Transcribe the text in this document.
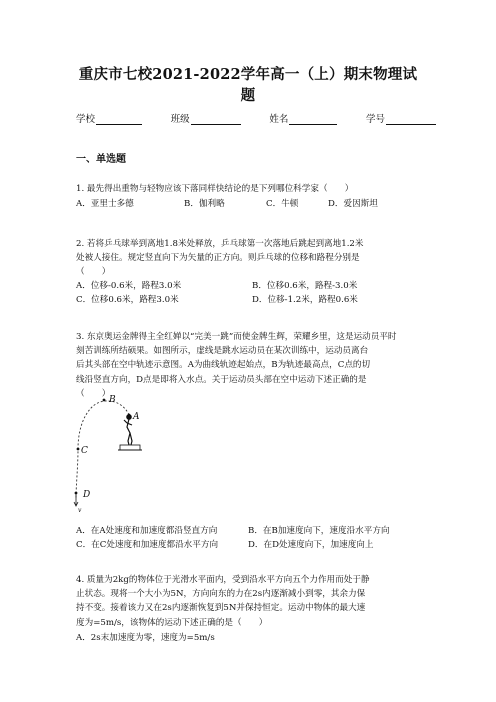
重庆市七校2021-2022学年高一（上）期末物理试
题
学校	班级	姓名	学号
一、单选题
1. 最先得出重物与轻物应该下落同样快结论的是下列哪位科学家（　　）
A．亚里士多德	B．伽利略	C．牛顿	D．爱因斯坦
2. 若将乒乓球举到离地1.8米处释放，乒乓球第一次落地后跳起到离地1.2米
处被人接住。规定竖直向下为矢量的正方向。则乒乓球的位移和路程分别是
（　　）
A．位移-0.6米，路程3.0米	B．位移0.6米，路程-3.0米
C．位移0.6米，路程3.0米	D．位移-1.2米，路程0.6米
3. 东京奥运金牌得主全红婵以“完美一跳”而使金牌生辉，荣耀乡里，这是运动员平时
刻苦训练所结硕果。如图所示，虚线是跳水运动员在某次训练中，运动员离台
后其头部在空中轨迹示意图。A为曲线轨迹起始点，B为轨迹最高点，C点的切
线沿竖直方向，D点是即将入水点。关于运动员头部在空中运动下述正确的是
（　　）
B
A
C
D
v
A．在A处速度和加速度都沿竖直方向	B．在B加速度向下，速度沿水平方向
C．在C处速度和加速度都沿水平方向	D．在D处速度向下，加速度向上
4. 质量为2kg的物体位于光滑水平面内，受到沿水平方向五个力作用而处于静
止状态。现将一个大小为5N，方向向东的力在2s内逐渐减小到零，其余力保
持不变。接着该力又在2s内逐渐恢复到5N并保持恒定。运动中物体的最大速
度为=5m/s，该物体的运动下述正确的是（　　）
A．2s末加速度为零，速度为=5m/s
